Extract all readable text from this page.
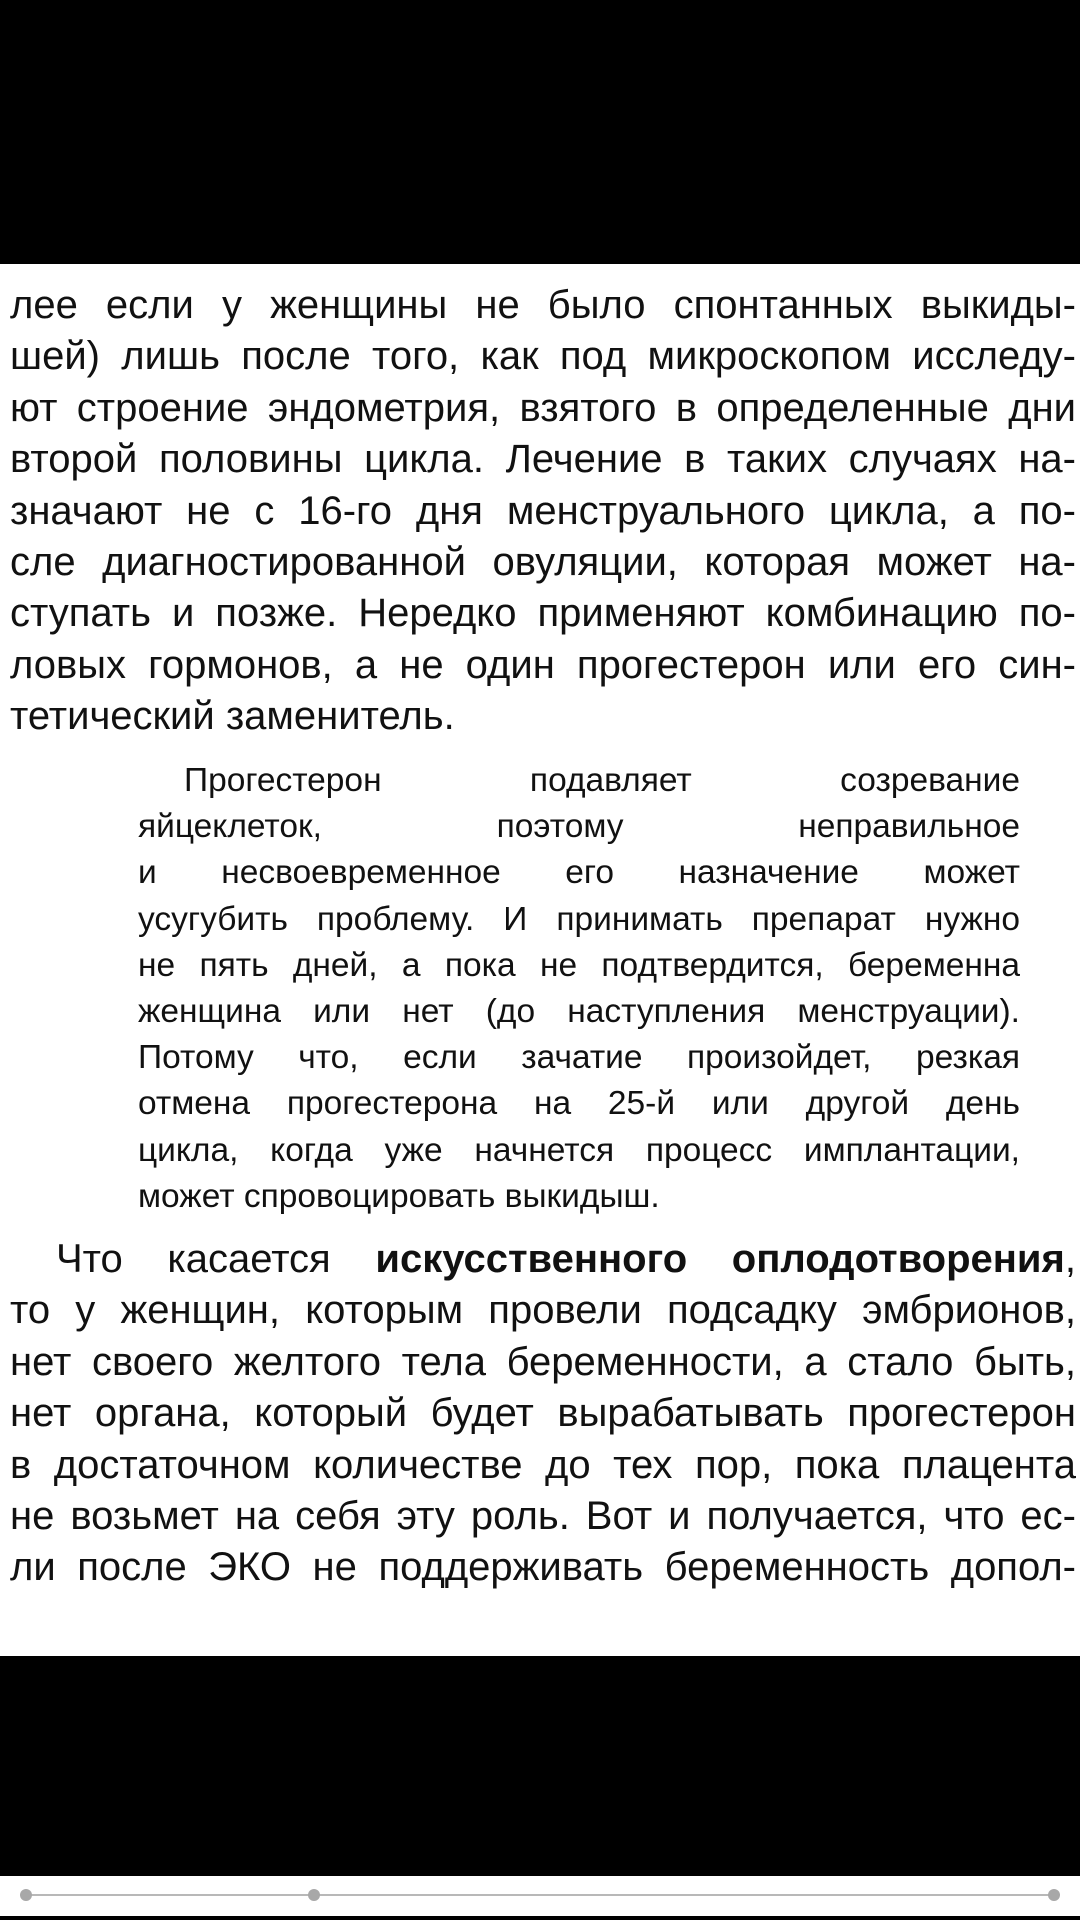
лее если у женщины не было спонтанных выкиды-
шей) лишь после того, как под микроскопом исследу-
ют строение эндометрия, взятого в определенные дни
второй половины цикла. Лечение в таких случаях на-
значают не с 16-го дня менструального цикла, а по-
сле диагностированной овуляции, которая может на-
ступать и позже. Нередко применяют комбинацию по-
ловых гормонов, а не один прогестерон или его син-
тетический заменитель.

Прогестерон подавляет созревание
яйцеклеток, поэтому неправильное
и несвоевременное его назначение может
усугубить проблему. И принимать препарат нужно
не пять дней, а пока не подтвердится, беременна
женщина или нет (до наступления менструации).
Потому что, если зачатие произойдет, резкая
отмена прогестерона на 25-й или другой день
цикла, когда уже начнется процесс имплантации,
может спровоцировать выкидыш.

Что касается искусственного оплодотворения,
то у женщин, которым провели подсадку эмбрионов,
нет своего желтого тела беременности, а стало быть,
нет органа, который будет вырабатывать прогестерон
в достаточном количестве до тех пор, пока плацента
не возьмет на себя эту роль. Вот и получается, что ес-
ли после ЭКО не поддерживать беременность допол-
